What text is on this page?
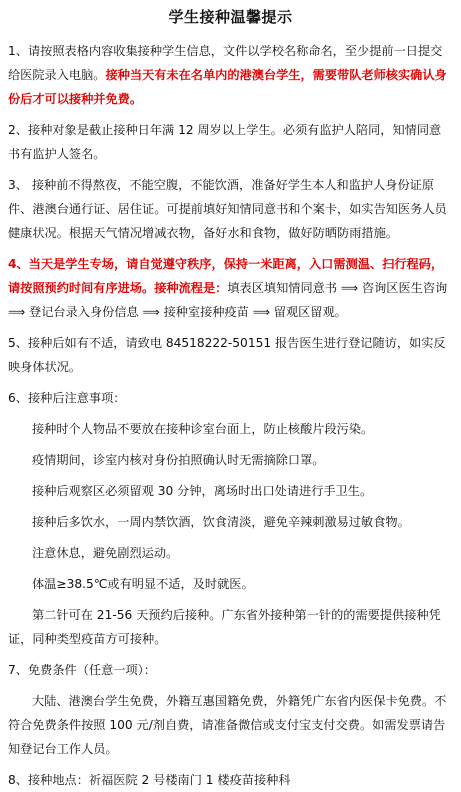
学生接种温馨提示

1、请按照表格内容收集接种学生信息，文件以学校名称命名，至少提前一日提交给医院录入电脑。接种当天有未在名单内的港澳台学生，需要带队老师核实确认身份后才可以接种并免费。

2、接种对象是截止接种日年满 12 周岁以上学生。必须有监护人陪同，知情同意书有监护人签名。

3、 接种前不得熬夜，不能空腹，不能饮酒，准备好学生本人和监护人身份证原件、港澳台通行证、居住证。可提前填好知情同意书和个案卡，如实告知医务人员健康状况。根据天气情况增减衣物，备好水和食物，做好防晒防雨措施。

4、当天是学生专场，请自觉遵守秩序，保持一米距离，入口需测温、扫行程码，请按照预约时间有序进场。接种流程是：填表区填知情同意书 ⟹ 咨询区医生咨询 ⟹ 登记台录入身份信息 ⟹ 接种室接种疫苗 ⟹ 留观区留观。

5、接种后如有不适，请致电 84518222-50151 报告医生进行登记随访，如实反映身体状况。

6、接种后注意事项：

接种时个人物品不要放在接种诊室台面上，防止核酸片段污染。

疫情期间，诊室内核对身份拍照确认时无需摘除口罩。

接种后观察区必须留观 30 分钟，离场时出口处请进行手卫生。

接种后多饮水，一周内禁饮酒，饮食清淡，避免辛辣刺激易过敏食物。

注意休息，避免剧烈运动。

体温≥38.5℃或有明显不适，及时就医。

第二针可在 21-56 天预约后接种。广东省外接种第一针的的需要提供接种凭证，同种类型疫苗方可接种。

7、免费条件（任意一项）：

大陆、港澳台学生免费，外籍互惠国籍免费，外籍凭广东省内医保卡免费。不符合免费条件按照 100 元/剂自费，请准备微信或支付宝支付交费。如需发票请告知登记台工作人员。

8、接种地点：祈福医院 2 号楼南门 1 楼疫苗接种科
